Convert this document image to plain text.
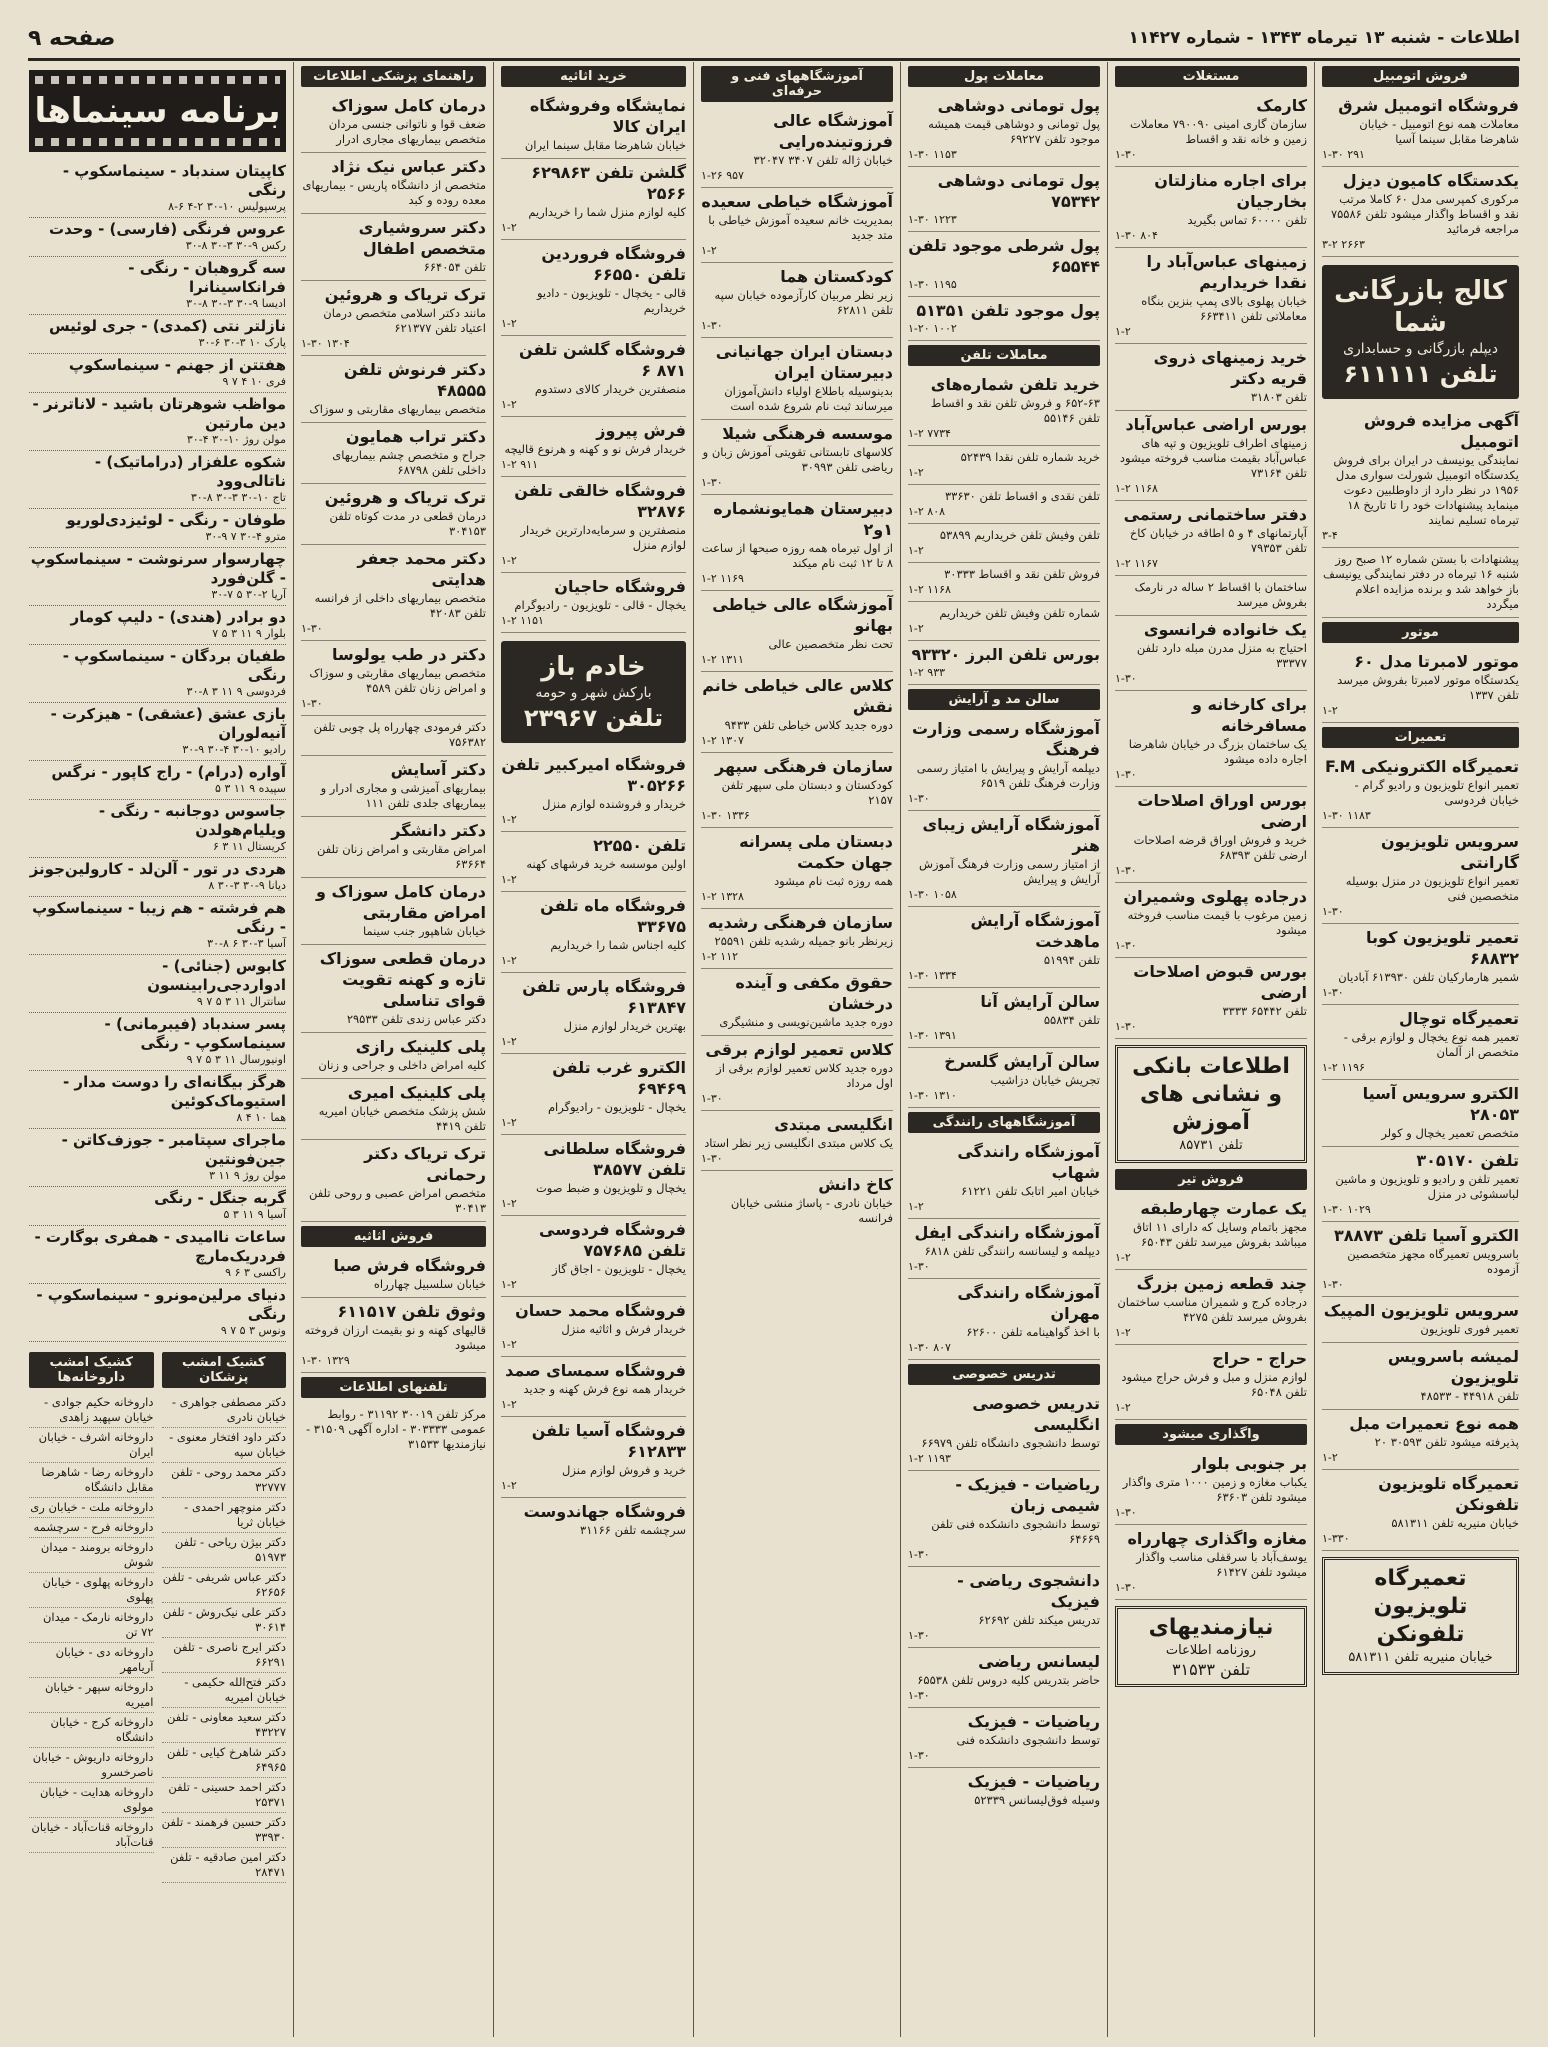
اطلاعات - شنبه ۱۳ تیرماه ۱۳۴۳ - شماره ۱۱۴۲۷
صفحه ۹
فروش اتومبیل
فروشگاه اتومبیل شرق
معاملات همه نوع اتومبیل - خیابان شاهرضا مقابل سینما آسیا
۱-۳۰ ۲۹۱
یکدستگاه کامیون دیزل
مرکوری کمپرسی مدل ۶۰ کاملا مرتب نقد و اقساط واگذار میشود تلفن ۷۵۵۸۶ مراجعه فرمائید
۳-۲ ۲۶۶۳
کالج بازرگانی شما
دیپلم بازرگانی و حسابداری
تلفن ۶۱۱۱۱۱
آگهی مزایده فروش اتومبیل
نمایندگی یونیسف در ایران برای فروش یکدستگاه اتومبیل شورلت سواری مدل ۱۹۵۶ در نظر دارد از داوطلبین دعوت مینماید پیشنهادات خود را تا تاریخ ۱۸ تیرماه تسلیم نمایند
۳-۴
پیشنهادات با بستن شماره ۱۲ صبح روز شنبه ۱۶ تیرماه در دفتر نمایندگی یونیسف باز خواهد شد و برنده مزایده اعلام میگردد
موتور
موتور لامبرتا مدل ۶۰
یکدستگاه موتور لامبرتا بفروش میرسد تلفن ۱۳۳۷
۱-۲
تعمیرات
تعمیرگاه الکترونیکی F.M
تعمیر انواع تلویزیون و رادیو گرام - خیابان فردوسی
۱-۳۰ ۱۱۸۳
سرویس تلویزیون گارانتی
تعمیر انواع تلویزیون در منزل بوسیله متخصصین فنی
۱-۳۰
تعمیر تلویزیون کوبا ۶۸۸۳۲
شمیر هارمارکیان تلفن ۶۱۳۹۳۰ آبادیان
۱-۳۰
تعمیرگاه توچال
تعمیر همه نوع یخچال و لوازم برقی - متخصص از آلمان
۱-۲ ۱۱۹۶
الکترو سرویس آسیا ۲۸۰۵۳
متخصص تعمیر یخچال و کولر
تلفن ۳۰۵۱۷۰
تعمیر تلفن و رادیو و تلویزیون و ماشین لباسشوئی در منزل
۱-۳۰ ۱۰۲۹
الکترو آسیا تلفن ۳۸۸۷۳
باسرویس تعمیرگاه مجهز متخصصین آزموده
۱-۳۰
سرویس تلویزیون المپیک
تعمیر فوری تلویزیون
لمیشه باسرویس تلویزیون
تلفن ۴۴۹۱۸ - ۴۸۵۳۳
همه نوع تعمیرات مبل
پذیرفته میشود تلفن ۳۰۵۹۳ ۲۰
۱-۲
تعمیرگاه تلویزیون تلفونکن
خیابان منیریه تلفن ۵۸۱۳۱۱
۱-۳۳۰
تعمیرگاه تلویزیون تلفونکن
خیابان منیریه تلفن ۵۸۱۳۱۱
مستغلات
کارمک
سازمان گاری امینی ۷۹۰۰۹۰ معاملات زمین و خانه نقد و اقساط
۱-۳۰
برای اجاره منازلتان بخارجیان
تلفن ۶۰۰۰۰ تماس بگیرید
۱-۳۰ ۸۰۴
زمینهای عباس‌آباد را نقدا خریداریم
خیابان پهلوی بالای پمپ بنزین بنگاه معاملاتی تلفن ۶۶۳۴۱۱
۱-۲
خرید زمینهای ذروی قریه دکتر
تلفن ۳۱۸۰۳
بورس اراضی عباس‌آباد
زمینهای اطراف تلویزیون و تپه های عباس‌آباد بقیمت مناسب فروخته میشود تلفن ۷۳۱۶۴
۱-۲ ۱۱۶۸
دفتر ساختمانی رستمی
آپارتمانهای ۴ و ۵ اطاقه در خیابان کاخ تلفن ۷۹۳۵۳
۱-۲ ۱۱۶۷
ساختمان با اقساط ۲ ساله در نارمک بفروش میرسد
یک خانواده فرانسوی
احتیاج به منزل مدرن مبله دارد تلفن ۳۳۳۷۷
۱-۳۰
برای کارخانه و مسافرخانه
یک ساختمان بزرگ در خیابان شاهرضا اجاره داده میشود
۱-۳۰
بورس اوراق اصلاحات ارضی
خرید و فروش اوراق قرضه اصلاحات ارضی تلفن ۶۸۳۹۳
۱-۳۰
درجاده پهلوی وشمیران
زمین مرغوب با قیمت مناسب فروخته میشود
۱-۳۰
بورس قبوض اصلاحات ارضی
تلفن ۶۵۴۴۲ ۳۳۳۳
۱-۳۰
اطلاعات بانکی و نشانی های آموزش
تلفن ۸۵۷۳۱
فروش تیر
یک عمارت چهارطبقه
مجهز باتمام وسایل که دارای ۱۱ اتاق میباشد بفروش میرسد تلفن ۶۵۰۴۳
۱-۲
چند قطعه زمین بزرگ
درجاده کرج و شمیران مناسب ساختمان بفروش میرسد تلفن ۴۲۷۵
۱-۲
حراج - حراج
لوازم منزل و مبل و فرش حراج میشود تلفن ۶۵۰۴۸
۱-۲
واگذاری میشود
بر جنوبی بلوار
یکباب مغازه و زمین ۱۰۰۰ متری واگذار میشود تلفن ۶۳۶۰۳
۱-۳۰
مغازه واگذاری چهارراه
یوسف‌آباد با سرقفلی مناسب واگذار میشود تلفن ۶۱۴۲۷
۱-۳۰
نیازمندیهای
روزنامه اطلاعات
تلفن ۳۱۵۳۳
معاملات پول
پول تومانی دوشاهی
پول تومانی و دوشاهی قیمت همیشه موجود تلفن ۶۹۲۲۷
۱-۳۰ ۱۱۵۳
پول تومانی دوشاهی ۷۵۳۴۲
۱-۳۰ ۱۲۲۳
پول شرطی موجود تلفن ۶۵۵۴۴
۱-۳۰ ۱۱۹۵
پول موجود تلفن ۵۱۳۵۱
۱-۲۰ ۱۰۰۲
معاملات تلفن
خرید تلفن شماره‌های
۶۵۲-۶۳ و فروش تلفن نقد و اقساط تلفن ۵۵۱۴۶
۱-۲ ۷۷۳۴
خرید شماره تلفن نقدا ۵۲۴۳۹
۱-۲
تلفن نقدی و اقساط تلفن ۳۳۶۳۰
۱-۲ ۸۰۸
تلفن وفیش تلفن خریداریم ۵۳۸۹۹
۱-۲
فروش تلفن نقد و اقساط ۳۰۳۳۳
۱-۲ ۱۱۶۸
شماره تلفن وفیش تلفن خریداریم
۱-۲
بورس تلفن البرز ۹۳۳۲۰
۱-۲ ۹۳۳
سالن مد و آرایش
آموزشگاه رسمی وزارت فرهنگ
دیپلمه آرایش و پیرایش با امتیاز رسمی وزارت فرهنگ تلفن ۶۵۱۹
۱-۳۰
آموزشگاه آرایش زیبای هنر
از امتیاز رسمی وزارت فرهنگ آموزش آرایش و پیرایش
۱-۳۰ ۱۰۵۸
آموزشگاه آرایش ماهدخت
تلفن ۵۱۹۹۴
۱-۳۰ ۱۳۳۴
سالن آرایش آنا
تلفن ۵۵۸۳۴
۱-۳۰ ۱۳۹۱
سالن آرایش گلسرخ
تجریش خیابان دزاشیب
۱-۳۰ ۱۳۱۰
آموزشگاههای رانندگی
آموزشگاه رانندگی شهاب
خیابان امیر اتابک تلفن ۶۱۲۲۱
۱-۲
آموزشگاه رانندگی ایفل
دیپلمه و لیسانسه رانندگی تلفن ۶۸۱۸
۱-۳۰
آموزشگاه رانندگی مهران
با اخذ گواهینامه تلفن ۶۲۶۰۰
۱-۳۰ ۸۰۷
تدریس خصوصی
تدریس خصوصی انگلیسی
توسط دانشجوی دانشگاه تلفن ۶۶۹۷۹
۱-۲ ۱۱۹۳
ریاضیات - فیزیک - شیمی زبان
توسط دانشجوی دانشکده فنی تلفن ۶۴۶۶۹
۱-۳۰
دانشجوی ریاضی - فیزیک
تدریس میکند تلفن ۶۲۶۹۲
۱-۳۰
لیسانس ریاضی
حاضر بتدریس کلیه دروس تلفن ۶۵۵۳۸
۱-۳۰
ریاضیات - فیزیک
توسط دانشجوی دانشکده فنی
۱-۳۰
ریاضیات - فیزیک
وسیله فوق‌لیسانس ۵۲۳۳۹
آموزشگاههای فنی و حرفه‌ای
آموزشگاه عالی فرزوتینده‌رایی
خیابان ژاله تلفن ۳۴۰۷ ۳۲۰۴۷
۱-۲۶ ۹۵۷
آموزشگاه خیاطی سعیده
بمدیریت خانم سعیده آموزش خیاطی با متد جدید
۱-۲
کودکستان هما
زیر نظر مربیان کارآزموده خیابان سپه تلفن ۶۲۸۱۱
۱-۳۰
دبستان ایران جهانیانی دبیرستان ایران
بدینوسیله باطلاع اولیاء دانش‌آموزان میرساند ثبت نام شروع شده است
موسسه فرهنگی شیلا
کلاسهای تابستانی تقویتی آموزش زبان و ریاضی تلفن ۳۰۹۹۳
۱-۳۰
دبیرستان همایونشماره ۱و۲
از اول تیرماه همه روزه صبحها از ساعت ۸ تا ۱۲ ثبت نام میکند
۱-۲ ۱۱۶۹
آموزشگاه عالی خیاطی بهانو
تحت نظر متخصصین عالی
۱-۲ ۱۳۱۱
کلاس عالی خیاطی خانم نقش
دوره جدید کلاس خیاطی تلفن ۹۴۳۳
۱-۲ ۱۳۰۷
سازمان فرهنگی سپهر
کودکستان و دبستان ملی سپهر تلفن ۲۱۵۷
۱-۳۰ ۱۳۳۶
دبستان ملی پسرانه جهان حکمت
همه روزه ثبت نام میشود
۱-۲ ۱۳۲۸
سازمان فرهنگی رشدیه
زیرنظر بانو جمیله رشدیه تلفن ۲۵۵۹۱
۱-۲ ۱۱۲
حقوق مکفی و آینده درخشان
دوره جدید ماشین‌نویسی و منشیگری
کلاس تعمیر لوازم برقی
دوره جدید کلاس تعمیر لوازم برقی از اول مرداد
۱-۳۰
انگلیسی مبتدی
یک کلاس مبتدی انگلیسی زیر نظر استاد
۱-۳۰
کاخ دانش
خیابان نادری - پاساژ منشی خیابان فرانسه
خرید اثاثیه
نمایشگاه وفروشگاه ایران کالا
خیابان شاهرضا مقابل سینما ایران
گلشن تلفن ۶۲۹۸۶۳ ۲۵۶۶
کلیه لوازم منزل شما را خریداریم
۱-۲
فروشگاه فروردین تلفن ۶۶۵۵۰
قالی - یخچال - تلویزیون - دادیو خریداریم
۱-۲
فروشگاه گلشن تلفن ۸۷۱ ۶
منصفترین خریدار کالای دستدوم
۱-۲
فرش پیروز
خریدار فرش نو و کهنه و هرنوع قالیچه
۱-۲ ۹۱۱
فروشگاه خالقی تلفن ۳۲۸۷۶
منصفترین و سرمایه‌دارترین خریدار لوازم منزل
۱-۲
فروشگاه حاجیان
یخچال - قالی - تلویزیون - رادیوگرام
۱-۲ ۱۱۵۱
خادم باز
بارکش شهر و حومه
تلفن ۲۳۹۶۷
فروشگاه امیرکبیر تلفن ۳۰۵۲۶۶
خریدار و فروشنده لوازم منزل
۱-۲
تلفن ۲۲۵۵۰
اولین موسسه خرید فرشهای کهنه
۱-۲
فروشگاه ماه تلفن ۳۳۶۷۵
کلیه اجناس شما را خریداریم
۱-۲
فروشگاه پارس تلفن ۶۱۳۸۴۷
بهترین خریدار لوازم منزل
۱-۲
الکترو غرب تلفن ۶۹۴۶۹
یخچال - تلویزیون - رادیوگرام
۱-۲
فروشگاه سلطانی تلفن ۳۸۵۷۷
یخچال و تلویزیون و ضبط صوت
۱-۲
فروشگاه فردوسی تلفن ۷۵۷۶۸۵
یخچال - تلویزیون - اجاق گاز
۱-۲
فروشگاه محمد حسان
خریدار فرش و اثاثیه منزل
۱-۲
فروشگاه سمسای صمد
خریدار همه نوع فرش کهنه و جدید
۱-۲
فروشگاه آسیا تلفن ۶۱۲۸۳۳
خرید و فروش لوازم منزل
۱-۲
فروشگاه جهاندوست
سرچشمه تلفن ۳۱۱۶۶
راهنمای پزشکی اطلاعات
درمان کامل سوزاک
ضعف قوا و ناتوانی جنسی مردان متخصص بیماریهای مجاری ادرار
دکتر عباس نیک نژاد
متخصص از دانشگاه پاریس - بیماریهای معده روده و کبد
دکتر سروشیاری متخصص اطفال
تلفن ۶۶۴۰۵۴
ترک تریاک و هروئین
مانند دکتر اسلامی متخصص درمان اعتیاد تلفن ۶۲۱۳۷۷
۱-۳۰ ۱۳۰۴
دکتر فرنوش تلفن ۴۸۵۵۵
متخصص بیماریهای مقاربتی و سوزاک
دکتر تراب همایون
جراح و متخصص چشم بیماریهای داخلی تلفن ۶۸۷۹۸
ترک تریاک و هروئین
درمان قطعی در مدت کوتاه تلفن ۳۰۴۱۵۳
دکتر محمد جعفر هدایتی
متخصص بیماریهای داخلی از فرانسه تلفن ۴۲۰۸۳
۱-۳۰
دکتر در طب یولوسا
متخصص بیماریهای مقاربتی و سوزاک و امراض زنان تلفن ۴۵۸۹
۱-۳۰
دکتر فرمودی چهارراه پل چوبی تلفن ۷۵۶۳۸۲
دکتر آسایش
بیماریهای آمیزشی و مجاری ادرار و بیماریهای جلدی تلفن ۱۱۱
دکتر دانشگر
امراض مقاربتی و امراض زنان تلفن ۶۳۶۶۴
درمان کامل سوزاک و امراض مقاربتی
خیابان شاهپور جنب سینما
درمان قطعی سوزاک تازه و کهنه تقویت قوای تناسلی
دکتر عباس زندی تلفن ۲۹۵۳۳
پلی کلینیک رازی
کلیه امراض داخلی و جراحی و زنان
پلی کلینیک امیری
شش پزشک متخصص خیابان امیریه تلفن ۴۴۱۹
ترک تریاک دکتر رحمانی
متخصص امراض عصبی و روحی تلفن ۳۰۴۱۳
فروش اثاثیه
فروشگاه فرش صبا
خیابان سلسبیل چهارراه
وثوق تلفن ۶۱۱۵۱۷
قالیهای کهنه و نو بقیمت ارزان فروخته میشود
۱-۳۰ ۱۳۲۹
تلفنهای اطلاعات
مرکز تلفن ۳۰۰۱۹ ۳۱۱۹۲ - روابط عمومی ۳۰۳۳۳۳ - اداره آگهی ۳۱۵۰۹ - نیازمندیها ۳۱۵۳۳
برنامه سینماها
کاپیتان سندباد - سینماسکوپ - رنگی
پرسپولیس ۱۰-۳۰ ۲-۴ ۶-۸
عروس فرنگی (فارسی) - وحدت
رکس ۹-۳۰ ۳-۳۰ ۸-۳۰
سه گروهبان - رنگی - فرانکاسینانرا
ادیسا ۹-۳۰ ۳-۳۰ ۸-۳۰
نازلتر نتی (کمدی) - جری لوئیس
پارک ۱۰ ۳-۳۰ ۶-۳۰
هفتتن از جهنم - سینماسکوپ
فری ۱۰ ۴ ۷ ۹
مواظب شوهرتان باشید - لاناترنر - دین مارتین
مولن روژ ۱۰-۳۰ ۴-۳۰
شکوه علفزار (دراماتیک) - ناتالی‌وود
تاج ۱۰-۳۰ ۳-۳۰ ۸-۳۰
طوفان - رنگی - لوئیزدی‌لوریو
مترو ۴-۳۰ ۷ ۹-۳۰
چهارسوار سرنوشت - سینماسکوپ - گلن‌فورد
آریا ۲-۳۰ ۵ ۷-۳۰
دو برادر (هندی) - دلیپ کومار
بلوار ۹ ۱۱ ۳ ۵ ۷
طفیان بردگان - سینماسکوپ - رنگی
فردوسی ۹ ۱۱ ۳ ۸-۳۰
بازی عشق (عشقی) - هیزکرت - آنیه‌لوران
رادیو ۱۰-۳۰ ۴-۳۰ ۹-۳۰
آواره (درام) - راج کاپور - نرگس
سپیده ۹ ۱۱ ۳ ۵
جاسوس دوجانبه - رنگی - ویلیام‌هولدن
کریستال ۱۱ ۳ ۶
هردی در تور - آلن‌لد - کارولین‌جونز
دیانا ۹-۳۰ ۳-۳۰ ۸
هم فرشته - هم زیبا - سینماسکوپ - رنگی
آسیا ۳-۳۰ ۶ ۸-۳۰
کابوس (جنائی) - ادواردجی‌رابینسون
سانترال ۱۱ ۳ ۵ ۷ ۹
پسر سندباد (فیبرمانی) - سینماسکوپ - رنگی
اونیورسال ۱۱ ۳ ۵ ۷ ۹
هرگز بیگانه‌ای را دوست مدار - استیوماک‌کوئین
هما ۱۰ ۴ ۸
ماجرای سپتامبر - جوزف‌کاتن - جین‌فونتین
مولن روژ ۹ ۱۱ ۳
گربه جنگل - رنگی
آسیا ۹ ۱۱ ۳ ۵
ساعات ناامیدی - همفری بوگارت - فردریک‌مارچ
راکسی ۳ ۶ ۹
دنیای مرلین‌مونرو - سینماسکوپ - رنگی
ونوس ۳ ۵ ۷ ۹
کشیک امشب پزشکان
دکتر مصطفی جواهری - خیابان نادری
دکتر داود افتخار معنوی - خیابان سپه
دکتر محمد روحی - تلفن ۳۲۷۷۷
دکتر منوچهر احمدی - خیابان ثریا
دکتر بیژن ریاحی - تلفن ۵۱۹۷۳
دکتر عباس شریفی - تلفن ۶۲۶۵۶
دکتر علی نیک‌روش - تلفن ۳۰۶۱۴
دکتر ایرج ناصری - تلفن ۶۶۲۹۱
دکتر فتح‌الله حکیمی - خیابان امیریه
دکتر سعید معاونی - تلفن ۴۳۲۲۷
دکتر شاهرخ کیایی - تلفن ۶۴۹۶۵
دکتر احمد حسینی - تلفن ۲۵۳۷۱
دکتر حسین فرهمند - تلفن ۳۳۹۳۰
دکتر امین صادقیه - تلفن ۲۸۴۷۱
کشیک امشب داروخانه‌ها
داروخانه حکیم جوادی - خیابان سپهبد زاهدی
داروخانه اشرف - خیابان ایران
داروخانه رضا - شاهرضا مقابل دانشگاه
داروخانه ملت - خیابان ری
داروخانه فرح - سرچشمه
داروخانه برومند - میدان شوش
داروخانه پهلوی - خیابان پهلوی
داروخانه نارمک - میدان ۷۲ تن
داروخانه دی - خیابان آریامهر
داروخانه سپهر - خیابان امیریه
داروخانه کرج - خیابان دانشگاه
داروخانه داریوش - خیابان ناصرخسرو
داروخانه هدایت - خیابان مولوی
داروخانه قنات‌آباد - خیابان قنات‌آباد
